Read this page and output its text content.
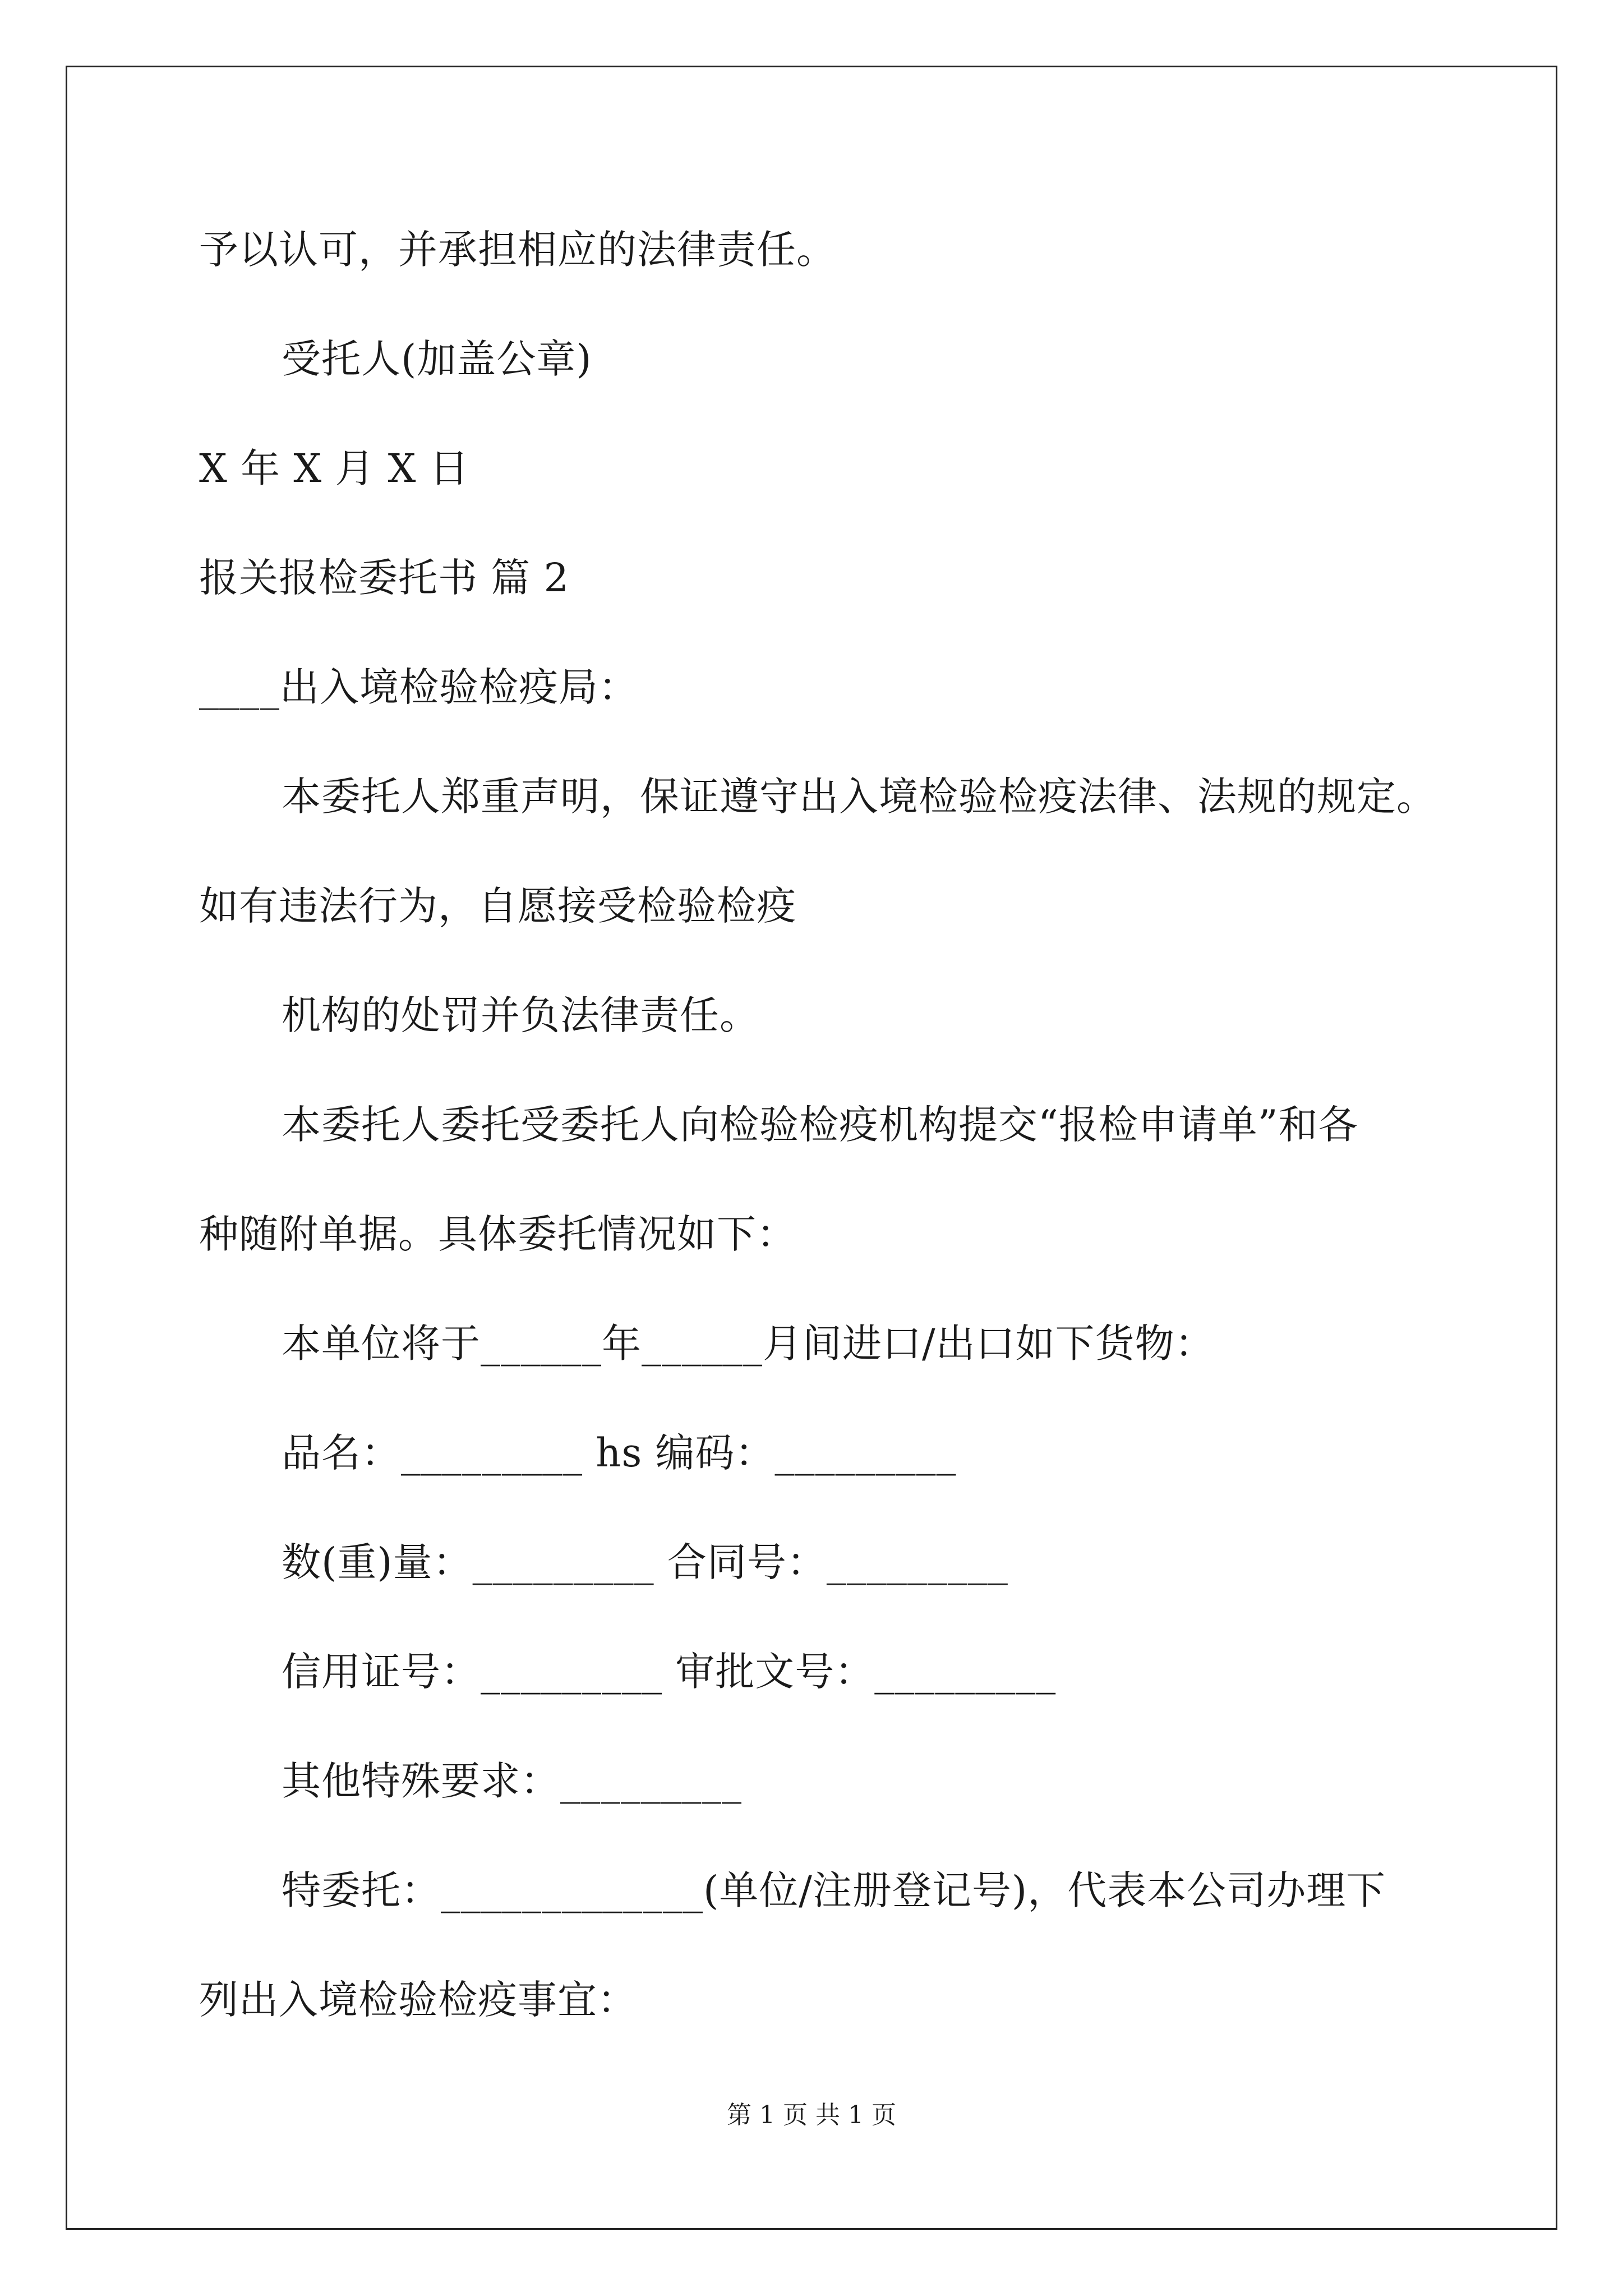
予以认可，并承担相应的法律责任。
受托人(加盖公章)
X 年 X 月 X 日
报关报检委托书 篇 2
____出入境检验检疫局：
本委托人郑重声明，保证遵守出入境检验检疫法律、法规的规定。
如有违法行为，自愿接受检验检疫
机构的处罚并负法律责任。
本委托人委托受委托人向检验检疫机构提交“报检申请单”和各
种随附单据。具体委托情况如下：
本单位将于______年______月间进口/出口如下货物：
品名：_________ hs 编码：_________
数(重)量：_________ 合同号：_________
信用证号：_________ 审批文号：_________
其他特殊要求：_________
特委托：_____________(单位/注册登记号)，代表本公司办理下
列出入境检验检疫事宜：
第 1 页 共 1 页
